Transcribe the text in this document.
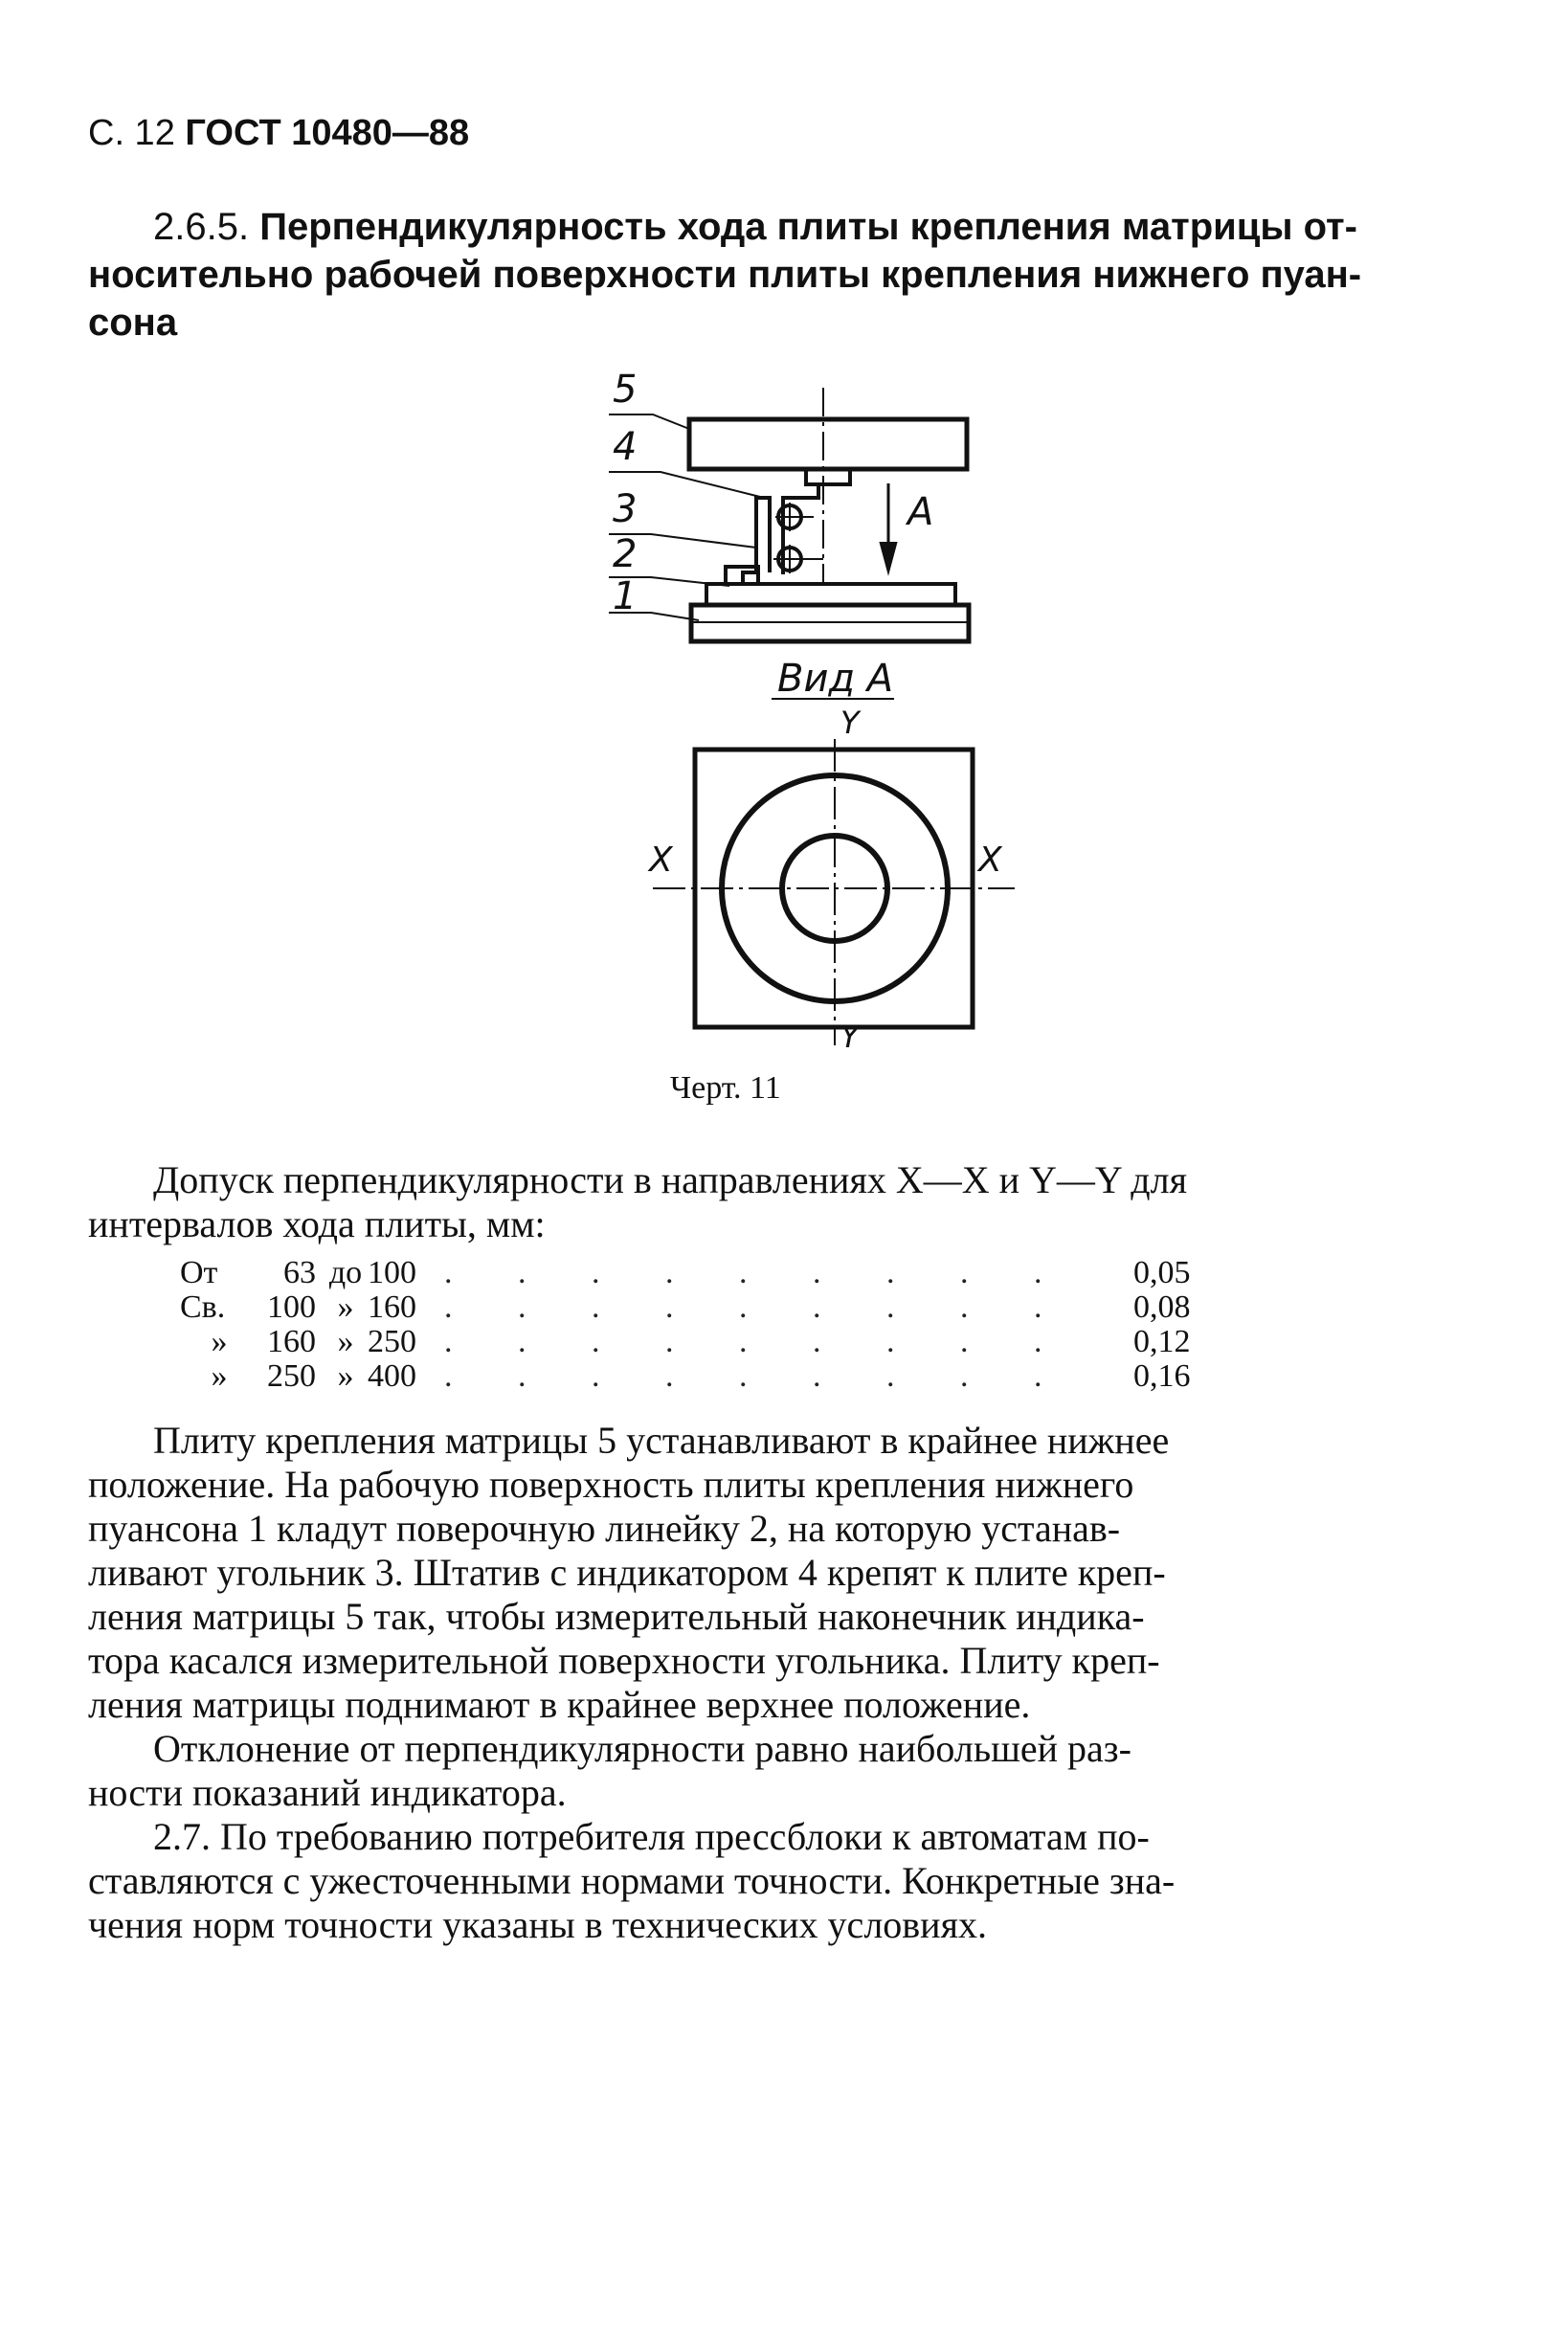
С. 12 ГОСТ 10480—88
2.6.5. Перпендикулярность хода плиты крепления матрицы от-
носительно рабочей поверхности плиты крепления нижнего пуан-
сона
5
4
3
2
1
A
Вид А
Y
X	X
Y
Черт. 11
Допуск перпендикулярности в направлениях X—X и Y—Y для
интервалов хода плиты, мм:
От	63	до	100	. . . . . . . . .	0,05
Св.	100	»	160	. . . . . . . . .	0,08
»	160	»	250	. . . . . . . . .	0,12
»	250	»	400	. . . . . . . . .	0,16
Плиту крепления матрицы 5 устанавливают в крайнее нижнее
положение. На рабочую поверхность плиты крепления нижнего
пуансона 1 кладут поверочную линейку 2, на которую устанав-
ливают угольник 3. Штатив с индикатором 4 крепят к плите креп-
ления матрицы 5 так, чтобы измерительный наконечник индика-
тора касался измерительной поверхности угольника. Плиту креп-
ления матрицы поднимают в крайнее верхнее положение.
Отклонение от перпендикулярности равно наибольшей раз-
ности показаний индикатора.
2.7. По требованию потребителя прессблоки к автоматам по-
ставляются с ужесточенными нормами точности. Конкретные зна-
чения норм точности указаны в технических условиях.
